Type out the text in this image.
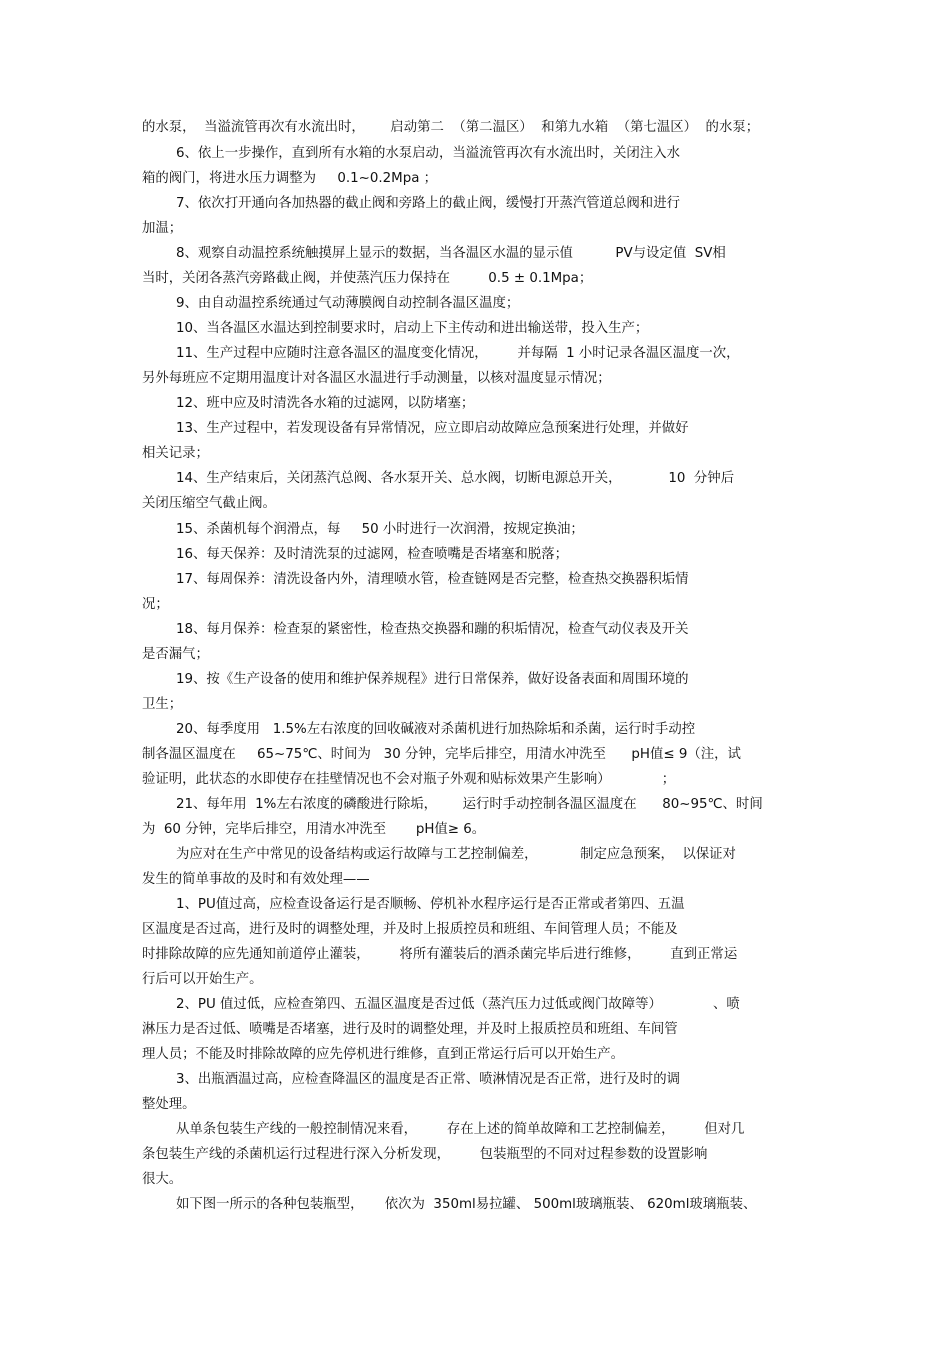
的水泵，  当溢流管再次有水流出时，      启动第二  （第二温区）  和第九水箱  （第七温区）  的水泵；
6、依上一步操作，直到所有水箱的水泵启动，当溢流管再次有水流出时，关闭注入水
箱的阀门，将进水压力调整为     0.1~0.2Mpa ；
7、依次打开通向各加热器的截止阀和旁路上的截止阀，缓慢打开蒸汽管道总阀和进行
加温；
8、观察自动温控系统触摸屏上显示的数据，当各温区水温的显示值          PV与设定值  SV相
当时，关闭各蒸汽旁路截止阀，并使蒸汽压力保持在         0.5 ± 0.1Mpa；
9、由自动温控系统通过气动薄膜阀自动控制各温区温度；
10、当各温区水温达到控制要求时，启动上下主传动和进出输送带，投入生产；
11、生产过程中应随时注意各温区的温度变化情况，       并每隔  1 小时记录各温区温度一次，
另外每班应不定期用温度计对各温区水温进行手动测量，以核对温度显示情况；
12、班中应及时清洗各水箱的过滤网，以防堵塞；
13、生产过程中，若发现设备有异常情况，应立即启动故障应急预案进行处理，并做好
相关记录；
14、生产结束后，关闭蒸汽总阀、各水泵开关、总水阀，切断电源总开关，           10  分钟后
关闭压缩空气截止阀。
15、杀菌机每个润滑点，每     50 小时进行一次润滑，按规定换油；
16、每天保养：及时清洗泵的过滤网，检查喷嘴是否堵塞和脱落；
17、每周保养：清洗设备内外，清理喷水管，检查链网是否完整，检查热交换器积垢情
况；
18、每月保养：检查泵的紧密性，检查热交换器和蹦的积垢情况，检查气动仪表及开关
是否漏气；
19、按《生产设备的使用和维护保养规程》进行日常保养，做好设备表面和周围环境的
卫生；
20、每季度用   1.5%左右浓度的回收碱液对杀菌机进行加热除垢和杀菌，运行时手动控
制各温区温度在     65~75℃、时间为   30 分钟，完毕后排空，用清水冲洗至      pH值≤ 9（注，试
验证明，此状态的水即使存在挂壁情况也不会对瓶子外观和贴标效果产生影响）            ；
21、每年用  1%左右浓度的磷酸进行除垢，      运行时手动控制各温区温度在      80~95℃、时间
为  60 分钟，完毕后排空，用清水冲洗至       pH值≥ 6。
为应对在生产中常见的设备结构或运行故障与工艺控制偏差，          制定应急预案，  以保证对
发生的简单事故的及时和有效处理——
1、PU值过高，应检查设备运行是否顺畅、停机补水程序运行是否正常或者第四、五温
区温度是否过高，进行及时的调整处理，并及时上报质控员和班组、车间管理人员；不能及
时排除故障的应先通知前道停止灌装，       将所有灌装后的酒杀菌完毕后进行维修，       直到正常运
行后可以开始生产。
2、PU 值过低，应检查第四、五温区温度是否过低（蒸汽压力过低或阀门故障等）            、喷
淋压力是否过低、喷嘴是否堵塞，进行及时的调整处理，并及时上报质控员和班组、车间管
理人员；不能及时排除故障的应先停机进行维修，直到正常运行后可以开始生产。
3、出瓶酒温过高，应检查降温区的温度是否正常、喷淋情况是否正常，进行及时的调
整处理。
从单条包装生产线的一般控制情况来看，       存在上述的简单故障和工艺控制偏差，       但对几
条包装生产线的杀菌机运行过程进行深入分析发现，       包装瓶型的不同对过程参数的设置影响
很大。
如下图一所示的各种包装瓶型，     依次为  350ml易拉罐、 500ml玻璃瓶装、 620ml玻璃瓶装、
